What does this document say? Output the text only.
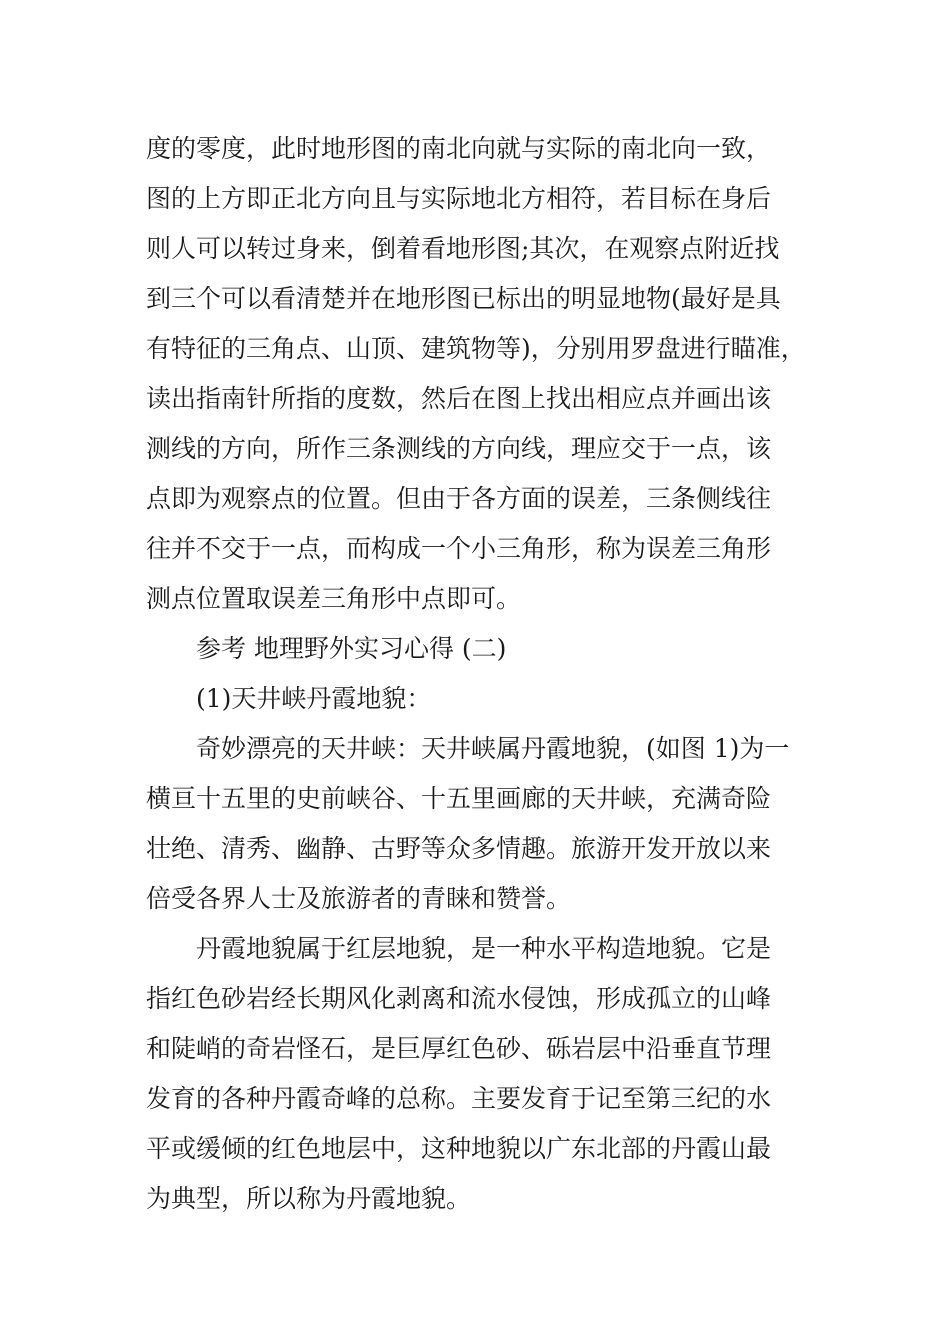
度的零度，此时地形图的南北向就与实际的南北向一致，
图的上方即正北方向且与实际地北方相符，若目标在身后
则人可以转过身来，倒着看地形图;其次，在观察点附近找
到三个可以看清楚并在地形图已标出的明显地物(最好是具
有特征的三角点、山顶、建筑物等)，分别用罗盘进行瞄准，
读出指南针所指的度数，然后在图上找出相应点并画出该
测线的方向，所作三条测线的方向线，理应交于一点，该
点即为观察点的位置。但由于各方面的误差，三条侧线往
往并不交于一点，而构成一个小三角形，称为误差三角形
测点位置取误差三角形中点即可。
参考 地理野外实习心得 (二)
(1)天井峡丹霞地貌：
奇妙漂亮的天井峡：天井峡属丹霞地貌，(如图 1)为一
横亘十五里的史前峡谷、十五里画廊的天井峡，充满奇险
壮绝、清秀、幽静、古野等众多情趣。旅游开发开放以来
倍受各界人士及旅游者的青睐和赞誉。
丹霞地貌属于红层地貌，是一种水平构造地貌。它是
指红色砂岩经长期风化剥离和流水侵蚀，形成孤立的山峰
和陡峭的奇岩怪石，是巨厚红色砂、砾岩层中沿垂直节理
发育的各种丹霞奇峰的总称。主要发育于记至第三纪的水
平或缓倾的红色地层中，这种地貌以广东北部的丹霞山最
为典型，所以称为丹霞地貌。
